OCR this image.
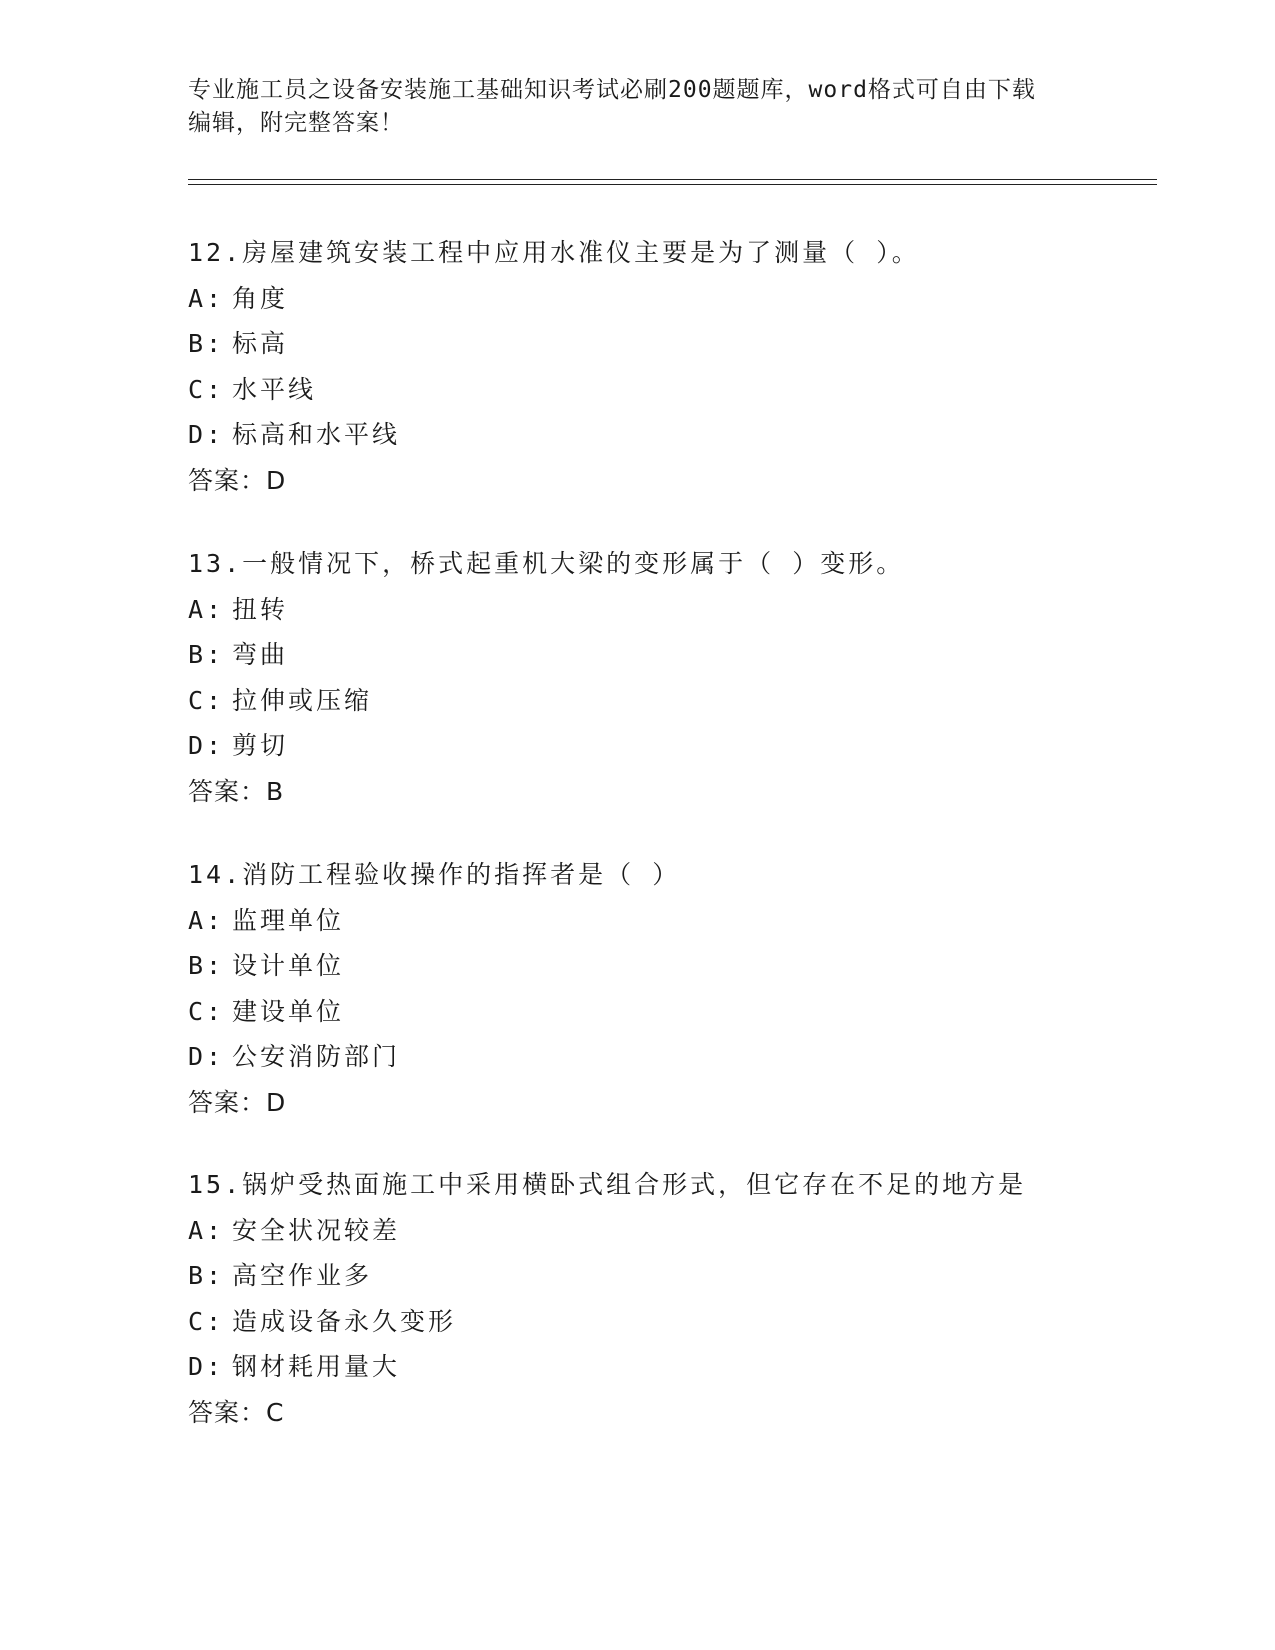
专业施工员之设备安装施工基础知识考试必刷200题题库，word格式可自由下载
编辑，附完整答案！
12.房屋建筑安装工程中应用水准仪主要是为了测量（ ）。
A: 角度
B: 标高
C: 水平线
D: 标高和水平线
答案：D
13.一般情况下，桥式起重机大梁的变形属于（ ）变形。
A: 扭转
B: 弯曲
C: 拉伸或压缩
D: 剪切
答案：B
14.消防工程验收操作的指挥者是（ ）
A: 监理单位
B: 设计单位
C: 建设单位
D: 公安消防部门
答案：D
15.锅炉受热面施工中采用横卧式组合形式，但它存在不足的地方是
A: 安全状况较差
B: 高空作业多
C: 造成设备永久变形
D: 钢材耗用量大
答案：C
